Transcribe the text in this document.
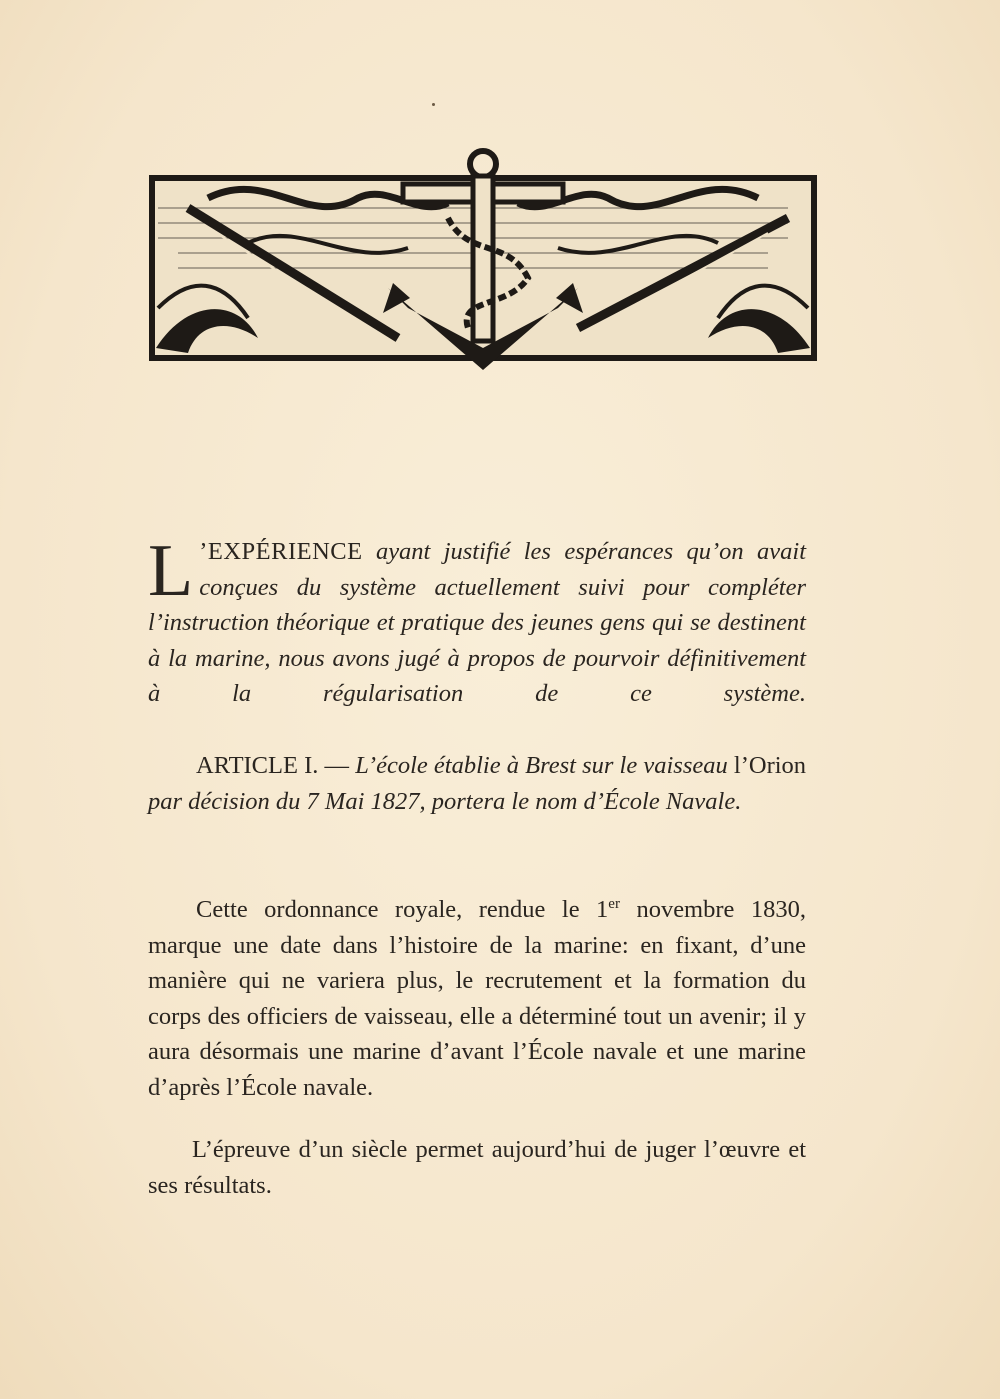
L ’EXPÉRIENCE ayant justifié les espérances qu’on avait conçues du système actuellement suivi pour compléter l’instruction théorique et pratique des jeunes gens qui se destinent à la marine, nous avons jugé à propos de pourvoir définitivement à la régularisation de ce système.
ARTICLE I. — L’école établie à Brest sur le vaisseau l’Orion par décision du 7 Mai 1827, portera le nom d’École Navale.
Cette ordonnance royale, rendue le 1er novembre 1830, marque une date dans l’histoire de la marine: en fixant, d’une manière qui ne variera plus, le recrutement et la formation du corps des officiers de vaisseau, elle a déterminé tout un avenir; il y aura désormais une marine d’avant l’École navale et une marine d’après l’École navale.
L’épreuve d’un siècle permet aujourd’hui de juger l’œuvre et ses résultats.
